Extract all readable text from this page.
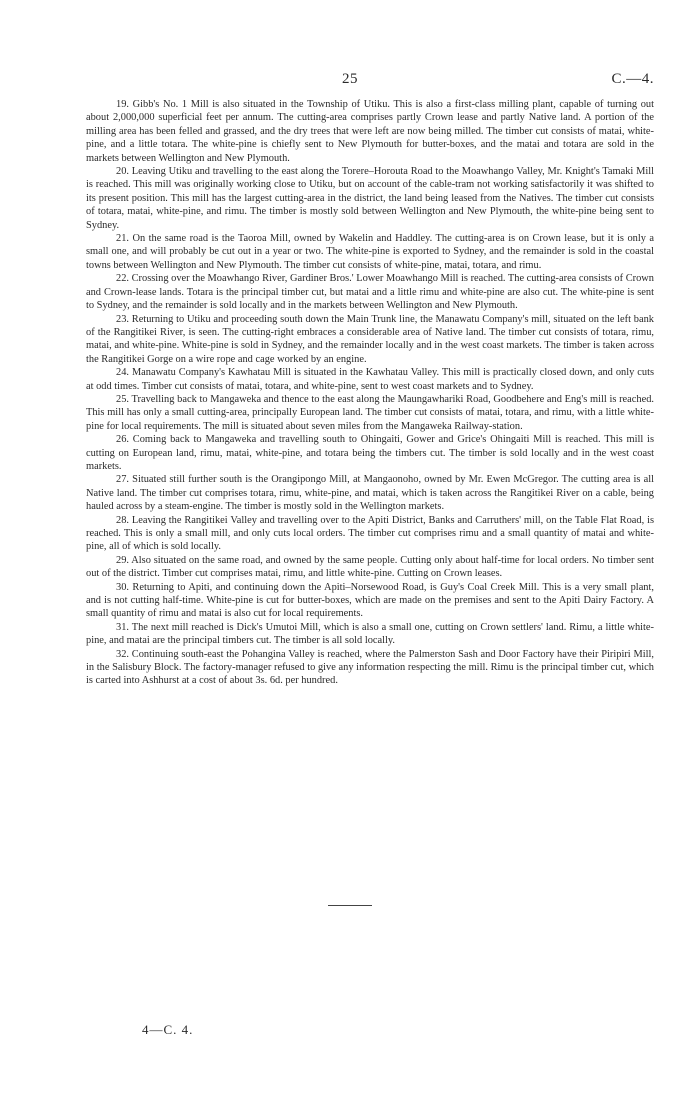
25	C.—4.

19. Gibb's No. 1 Mill is also situated in the Township of Utiku. This is also a first-class milling plant, capable of turning out about 2,000,000 superficial feet per annum. The cutting-area comprises partly Crown lease and partly Native land. A portion of the milling area has been felled and grassed, and the dry trees that were left are now being milled. The timber cut consists of matai, white-pine, and a little totara. The white-pine is chiefly sent to New Plymouth for butter-boxes, and the matai and totara are sold in the markets between Wellington and New Plymouth.

20. Leaving Utiku and travelling to the east along the Torere–Horouta Road to the Moawhango Valley, Mr. Knight's Tamaki Mill is reached. This mill was originally working close to Utiku, but on account of the cable-tram not working satisfactorily it was shifted to its present position. This mill has the largest cutting-area in the district, the land being leased from the Natives. The timber cut consists of totara, matai, white-pine, and rimu. The timber is mostly sold between Wellington and New Plymouth, the white-pine being sent to Sydney.

21. On the same road is the Taoroa Mill, owned by Wakelin and Haddley. The cutting-area is on Crown lease, but it is only a small one, and will probably be cut out in a year or two. The white-pine is exported to Sydney, and the remainder is sold in the coastal towns between Wellington and New Plymouth. The timber cut consists of white-pine, matai, totara, and rimu.

22. Crossing over the Moawhango River, Gardiner Bros.' Lower Moawhango Mill is reached. The cutting-area consists of Crown and Crown-lease lands. Totara is the principal timber cut, but matai and a little rimu and white-pine are also cut. The white-pine is sent to Sydney, and the remainder is sold locally and in the markets between Wellington and New Plymouth.

23. Returning to Utiku and proceeding south down the Main Trunk line, the Manawatu Company's mill, situated on the left bank of the Rangitikei River, is seen. The cutting-right embraces a considerable area of Native land. The timber cut consists of totara, rimu, matai, and white-pine. White-pine is sold in Sydney, and the remainder locally and in the west coast markets. The timber is taken across the Rangitikei Gorge on a wire rope and cage worked by an engine.

24. Manawatu Company's Kawhatau Mill is situated in the Kawhatau Valley. This mill is practically closed down, and only cuts at odd times. Timber cut consists of matai, totara, and white-pine, sent to west coast markets and to Sydney.

25. Travelling back to Mangaweka and thence to the east along the Maungawhariki Road, Goodbehere and Eng's mill is reached. This mill has only a small cutting-area, principally European land. The timber cut consists of matai, totara, and rimu, with a little white-pine for local requirements. The mill is situated about seven miles from the Mangaweka Railway-station.

26. Coming back to Mangaweka and travelling south to Ohingaiti, Gower and Grice's Ohingaiti Mill is reached. This mill is cutting on European land, rimu, matai, white-pine, and totara being the timbers cut. The timber is sold locally and in the west coast markets.

27. Situated still further south is the Orangipongo Mill, at Mangaonoho, owned by Mr. Ewen McGregor. The cutting area is all Native land. The timber cut comprises totara, rimu, white-pine, and matai, which is taken across the Rangitikei River on a cable, being hauled across by a steam-engine. The timber is mostly sold in the Wellington markets.

28. Leaving the Rangitikei Valley and travelling over to the Apiti District, Banks and Carruthers' mill, on the Table Flat Road, is reached. This is only a small mill, and only cuts local orders. The timber cut comprises rimu and a small quantity of matai and white-pine, all of which is sold locally.

29. Also situated on the same road, and owned by the same people. Cutting only about half-time for local orders. No timber sent out of the district. Timber cut comprises matai, rimu, and little white-pine. Cutting on Crown leases.

30. Returning to Apiti, and continuing down the Apiti–Norsewood Road, is Guy's Coal Creek Mill. This is a very small plant, and is not cutting half-time. White-pine is cut for butter-boxes, which are made on the premises and sent to the Apiti Dairy Factory. A small quantity of rimu and matai is also cut for local requirements.

31. The next mill reached is Dick's Umutoi Mill, which is also a small one, cutting on Crown settlers' land. Rimu, a little white-pine, and matai are the principal timbers cut. The timber is all sold locally.

32. Continuing south-east the Pohangina Valley is reached, where the Palmerston Sash and Door Factory have their Piripiri Mill, in the Salisbury Block. The factory-manager refused to give any information respecting the mill. Rimu is the principal timber cut, which is carted into Ashhurst at a cost of about 3s. 6d. per hundred.

4—C. 4.
